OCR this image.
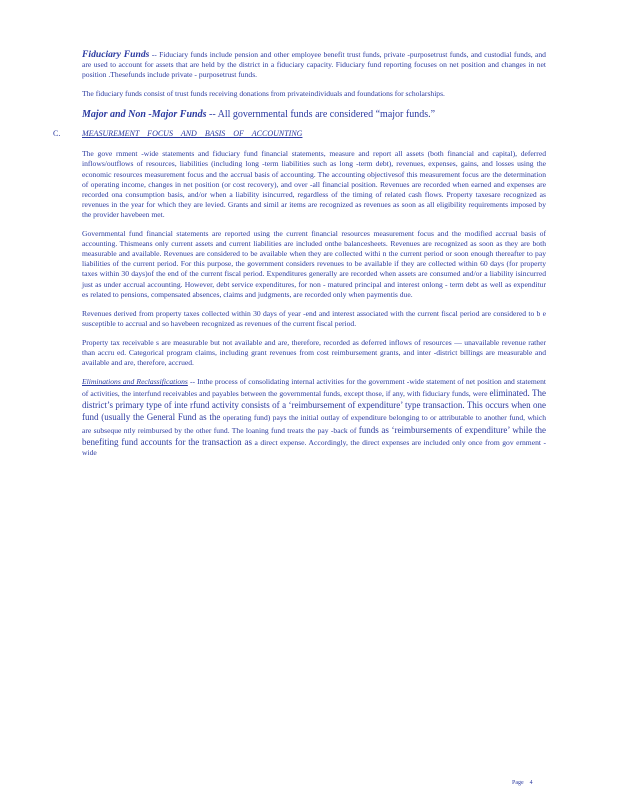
Fiduciary Funds -- Fiduciary funds include pension and other employee benefit trust funds, private -purposetrust funds, and custodial funds, and are used to account for assets that are held by the district in a fiduciary capacity. Fiduciary fund reporting focuses on net position and changes in net position .Thesefunds include private - purposetrust funds.

The fiduciary funds consist of trust funds receiving donations from privateindividuals and foundations for scholarships.

Major and Non -Major Funds -- All governmental funds are considered “major funds.”

C.	MEASUREMENT FOCUS AND BASIS OF ACCOUNTING

The gove rnment -wide statements and fiduciary fund financial statements, measure and report all assets (both financial and capital), deferred inflows/outflows of resources, liabilities (including long -term liabilities such as long -term debt), revenues, expenses, gains, and losses using the economic resources measurement focus and the accrual basis of accounting. The accounting objectivesof this measurement focus are the determination of operating income, changes in net position (or cost recovery), and over -all financial position. Revenues are recorded when earned and expenses are recorded ona consumption basis, and/or when a liability isincurred, regardless of the timing of related cash flows. Property taxesare recognized as revenues in the year for which they are levied. Grants and simil ar items are recognized as revenues as soon as all eligibility requirements imposed by the provider havebeen met.

Governmental fund financial statements are reported using the current financial resources measurement focus and the modified accrual basis of accounting. Thismeans only current assets and current liabilities are included onthe balancesheets. Revenues are recognized as soon as they are both measurable and available. Revenues are considered to be available when they are collected withi n the current period or soon enough thereafter to pay liabilities of the current period. For this purpose, the government considers revenues to be available if they are collected within 60 days (for property taxes within 30 days)of the end of the current fiscal period. Expenditures generally are recorded when assets are consumed and/or a liability isincurred just as under accrual accounting. However, debt service expenditures, for non - matured principal and interest onlong - term debt as well as expenditur es related to pensions, compensated absences, claims and judgments, are recorded only when paymentis due.

Revenues derived from property taxes collected within 30 days of year -end and interest associated with the current fiscal period are considered to b e susceptible to accrual and so havebeen recognized as revenues of the current fiscal period.

Property tax receivable s are measurable but not available and are, therefore, recorded as deferred inflows of resources — unavailable revenue rather than accru ed. Categorical program claims, including grant revenues from cost reimbursement grants, and inter -district billings are measurable and available and are, therefore, accrued.

Eliminations and Reclassifications -- Inthe process of consolidating internal activities for the government -wide statement of net position and statement of activities, the interfund receivables and payables between the governmental funds, except those, if any, with fiduciary funds, were eliminated. The district’s primary type of inte rfund activity consists of a ‘reimbursement of expenditure’ type transaction. This occurs when one fund (usually the General Fund as the operating fund) pays the initial outlay of expenditure belonging to or attributable to another fund, which are subseque ntly reimbursed by the other fund. The loaning fund treats the pay -back of funds as ‘reimbursements of expenditure’ while the benefiting fund accounts for the transaction as a direct expense. Accordingly, the direct expenses are included only once from gov ernment -wide

Page 4
